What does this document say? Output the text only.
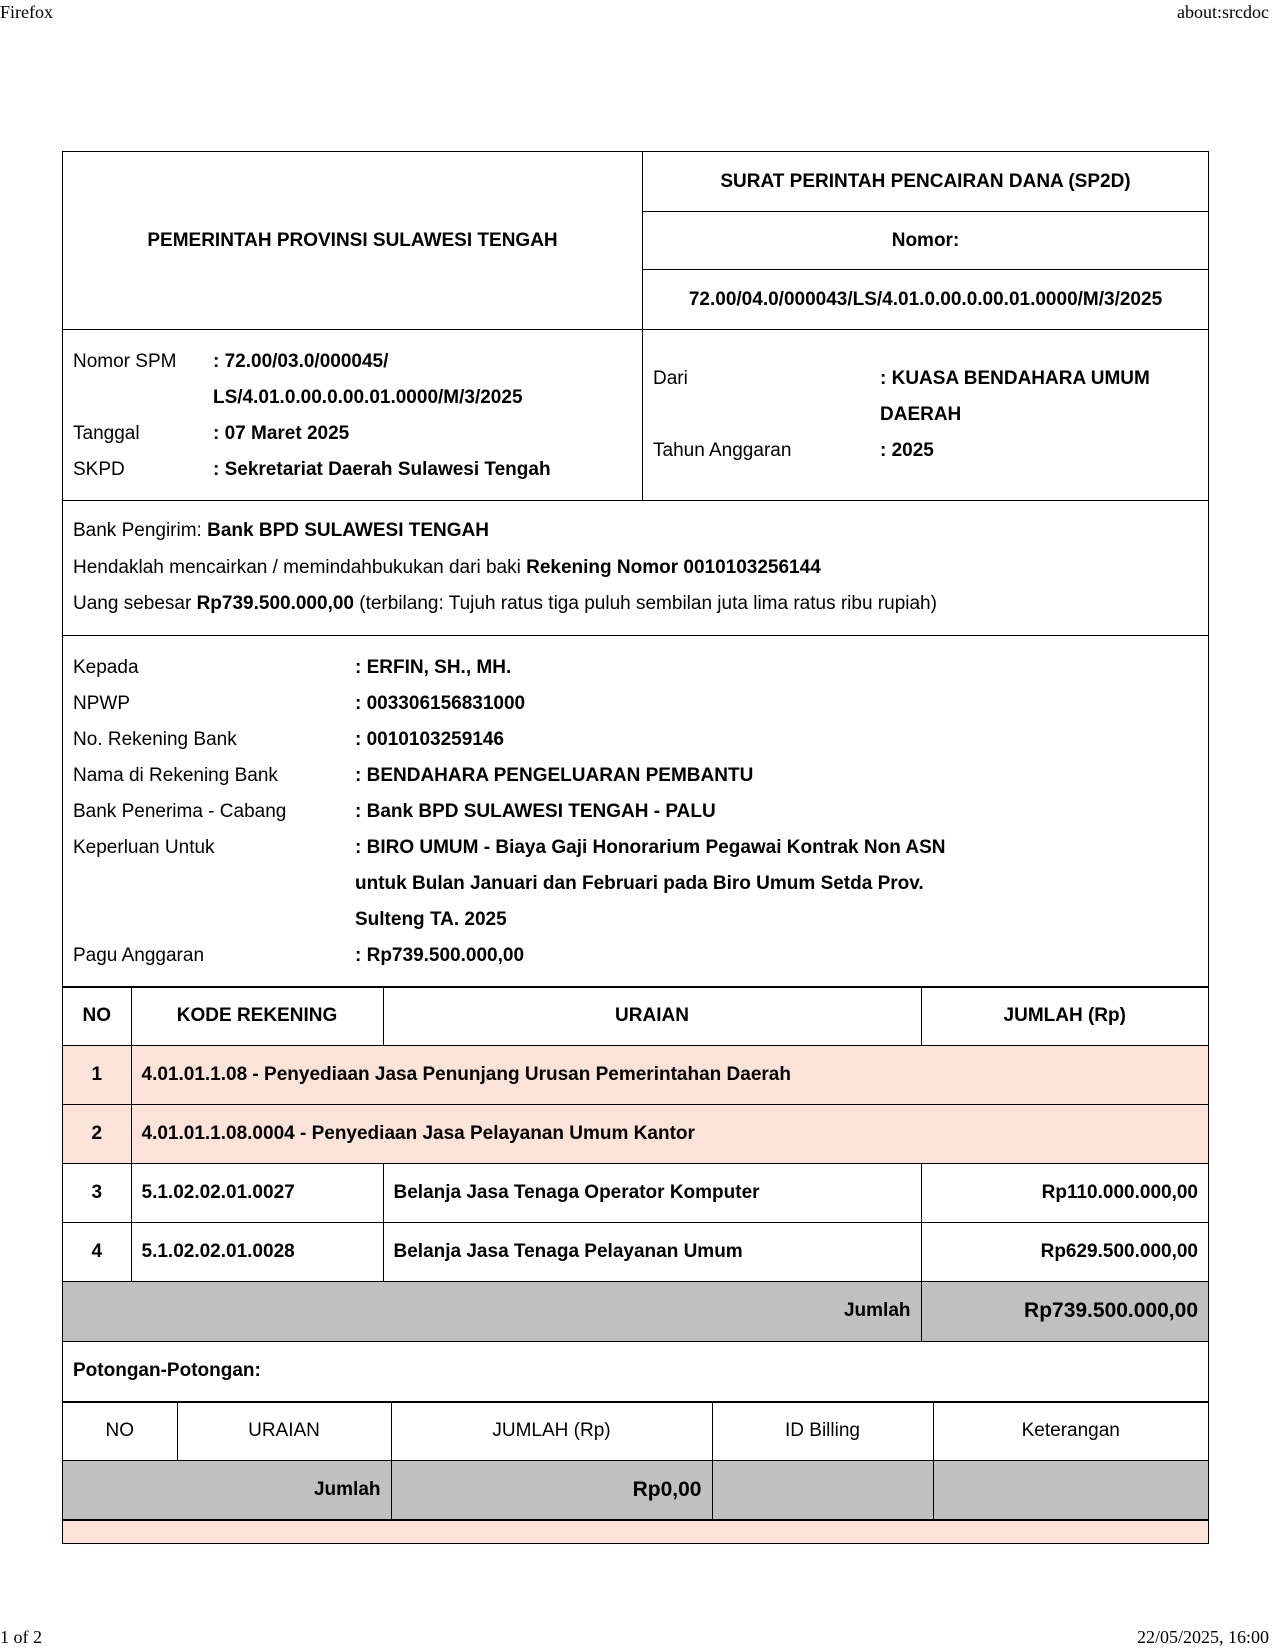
Firefox	about:srcdoc
PEMERINTAH PROVINSI SULAWESI TENGAH
SURAT PERINTAH PENCAIRAN DANA (SP2D)
Nomor:
72.00/04.0/000043/LS/4.01.0.00.0.00.01.0000/M/3/2025
Nomor SPM	: 72.00/03.0/000045/
LS/4.01.0.00.0.00.01.0000/M/3/2025
Tanggal	: 07 Maret 2025
SKPD	: Sekretariat Daerah Sulawesi Tengah
Dari	: KUASA BENDAHARA UMUM DAERAH
Tahun Anggaran	: 2025
Bank Pengirim: Bank BPD SULAWESI TENGAH
Hendaklah mencairkan / memindahbukukan dari baki Rekening Nomor 0010103256144
Uang sebesar Rp739.500.000,00 (terbilang: Tujuh ratus tiga puluh sembilan juta lima ratus ribu rupiah)
Kepada	: ERFIN, SH., MH.
NPWP	: 003306156831000
No. Rekening Bank	: 0010103259146
Nama di Rekening Bank	: BENDAHARA PENGELUARAN PEMBANTU
Bank Penerima - Cabang	: Bank BPD SULAWESI TENGAH - PALU
Keperluan Untuk	: BIRO UMUM - Biaya Gaji Honorarium Pegawai Kontrak Non ASN untuk Bulan Januari dan Februari pada Biro Umum Setda Prov. Sulteng TA. 2025
Pagu Anggaran	: Rp739.500.000,00
NO	KODE REKENING	URAIAN	JUMLAH (Rp)
1	4.01.01.1.08 - Penyediaan Jasa Penunjang Urusan Pemerintahan Daerah		
2	4.01.01.1.08.0004 - Penyediaan Jasa Pelayanan Umum Kantor		
3	5.1.02.02.01.0027	Belanja Jasa Tenaga Operator Komputer	Rp110.000.000,00
4	5.1.02.02.01.0028	Belanja Jasa Tenaga Pelayanan Umum	Rp629.500.000,00
Jumlah			Rp739.500.000,00
Potongan-Potongan:
NO	URAIAN	JUMLAH (Rp)	ID Billing	Keterangan
Jumlah		Rp0,00		
1 of 2	22/05/2025, 16:00
